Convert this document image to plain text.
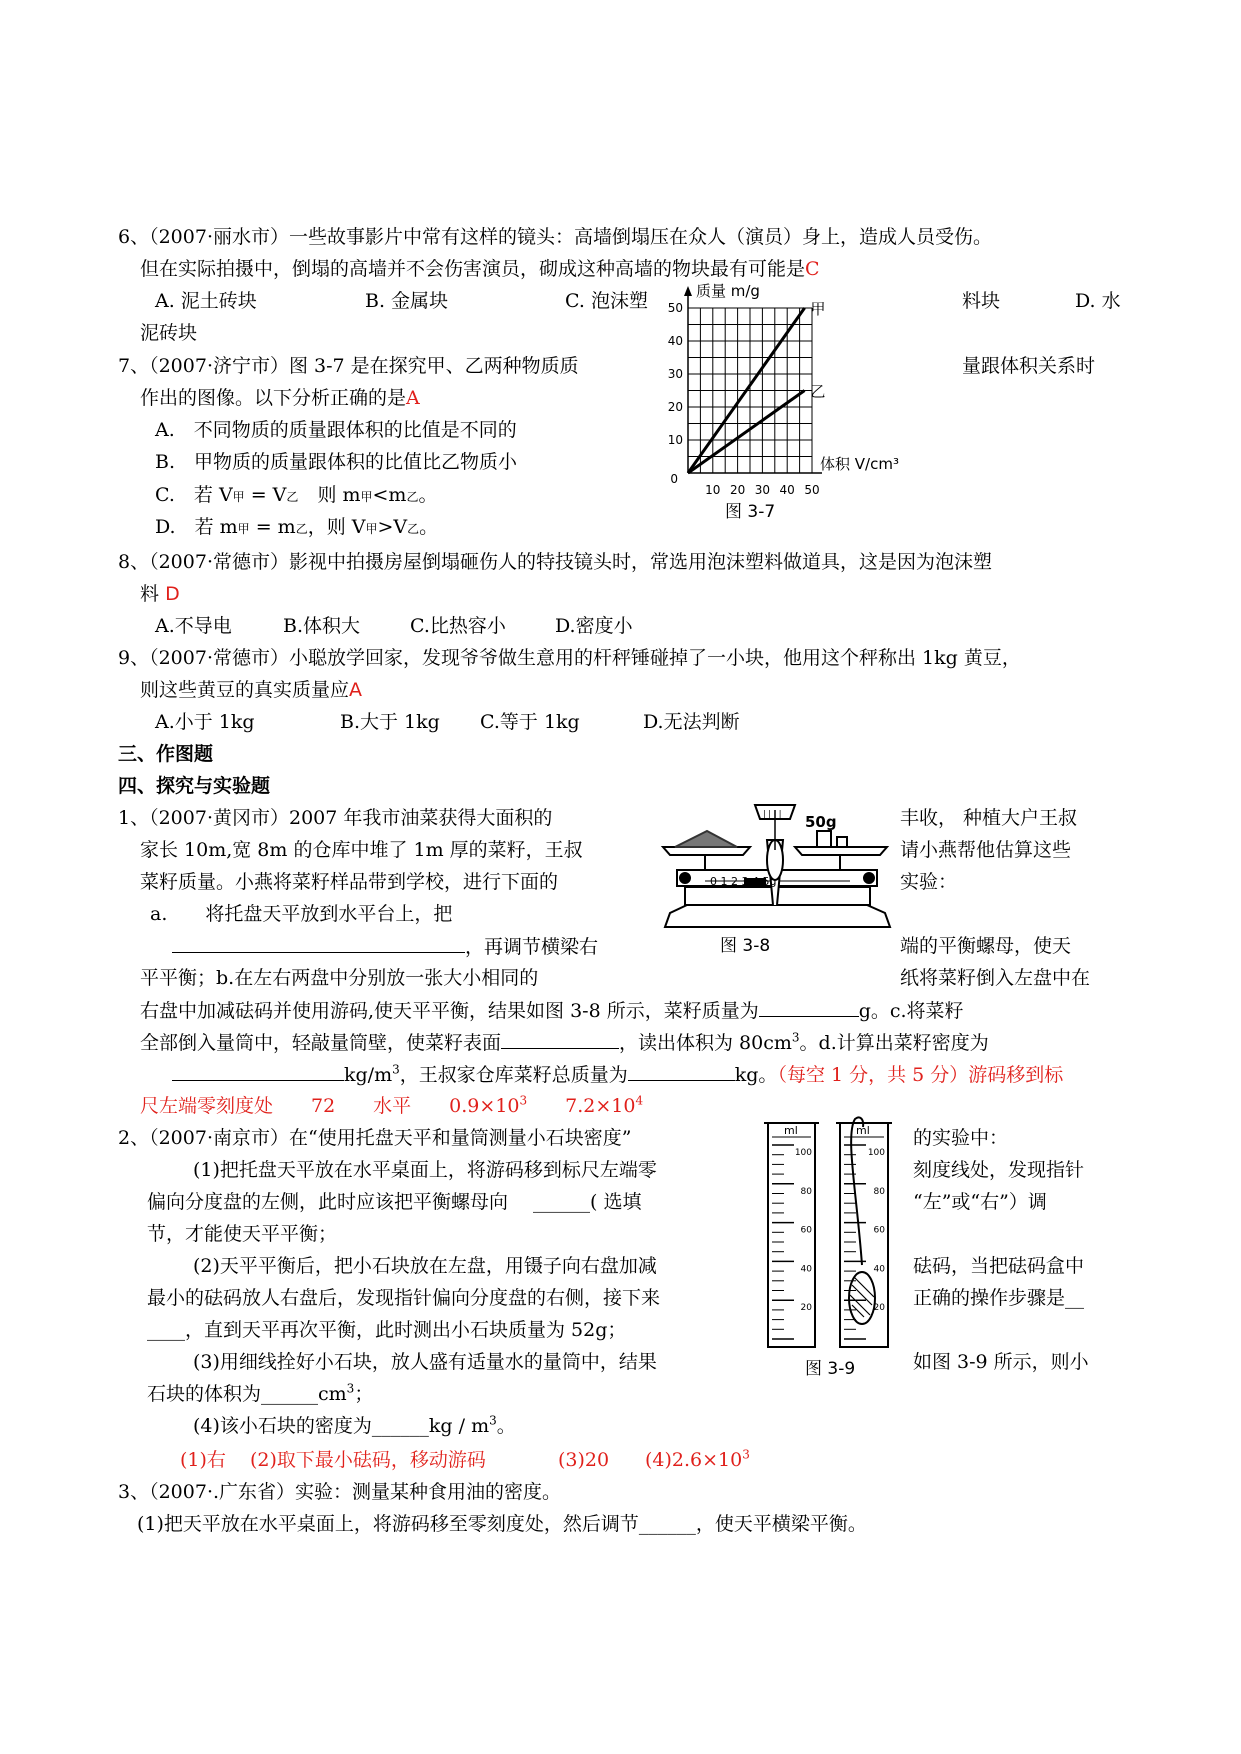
6、（2007·丽水市）一些故事影片中常有这样的镜头：高墙倒塌压在众人（演员）身上，造成人员受伤。
但在实际拍摄中，倒塌的高墙并不会伤害演员，砌成这种高墙的物块最有可能是C
A. 泥土砖块	B. 金属块	C. 泡沫塑	料块	D. 水
泥砖块
7、（2007·济宁市）图 3-7 是在探究甲、乙两种物质质	量跟体积关系时
作出的图像。以下分析正确的是A
A.　不同物质的质量跟体积的比值是不同的
B.　甲物质的质量跟体积的比值比乙物质小
C.　若 V甲 = V乙　则 m甲<m乙。
D.　若 m甲 = m乙，则 V甲>V乙。
10 20 30 40 50
10
20
30
40
50
0
质量 m/g
体积 V/cm³
甲
乙
图 3-7
8、（2007·常德市）影视中拍摄房屋倒塌砸伤人的特技镜头时，常选用泡沫塑料做道具，这是因为泡沫塑
料 D
A.不导电	B.体积大	C.比热容小	D.密度小
9、（2007·常德市）小聪放学回家，发现爷爷做生意用的杆秤锤碰掉了一小块，他用这个秤称出 1kg 黄豆，
则这些黄豆的真实质量应A
A.小于 1kg	B.大于 1kg C.等于 1kg	D.无法判断
三、作图题
四、探究与实验题
1、（2007·黄冈市）2007 年我市油菜获得大面积的	丰收， 种植大户王叔
家长 10m,宽 8m 的仓库中堆了 1m 厚的菜籽，王叔	请小燕帮他估算这些
菜籽质量。小燕将菜籽样品带到学校，进行下面的	实验：
a.　　将托盘天平放到水平台上，把
，再调节横梁右	端的平衡螺母，使天
平平衡；b.在左右两盘中分别放一张大小相同的	纸将菜籽倒入左盘中在
右盘中加减砝码并使用游码,使天平平衡，结果如图 3-8 所示，菜籽质量为	g。c.将菜籽
全部倒入量筒中，轻敲量筒壁，使菜籽表面	，读出体积为 $80cm^3$。d.计算出菜籽密度为
$kg/m^3$，王叔家仓库菜籽总质量为	kg。（每空 1 分，共 5 分）游码移到标
尺左端零刻度处　　72　　水平　　$0.9\times 10^3$　　$7.2\times 10^4$
| | | | 50g
0 1 2 3 4 5g
图 3-8
2、（2007·南京市）在“使用托盘天平和量筒测量小石块密度”	的实验中：
(1)把托盘天平放在水平桌面上，将游码移到标尺左端零	刻度线处，发现指针
偏向分度盘的左侧，此时应该把平衡螺母向　 ______( 选填	“左”或“右”）调
节，才能使天平平衡；
(2)天平平衡后，把小石块放在左盘，用镊子向右盘加减	砝码，当把砝码盒中
最小的砝码放人右盘后，发现指针偏向分度盘的右侧，接下来	正确的操作步骤是__
____，直到天平再次平衡，此时测出小石块质量为 52g；
(3)用细线拴好小石块，放人盛有适量水的量筒中，结果	如图 3-9 所示，则小
石块的体积为$\_\_\_\_\_\_cm^3$；
(4)该小石块的密度为______kg / $m^3$。
(1)右 (2)取下最小砝码，移动游码	(3)20 $(4)2.6\times 10^3$
100
80
60
40
20
100
80
60
40
20
ml	ml
图 3-9
3、（2007·.广东省）实验：测量某种食用油的密度。
(1)把天平放在水平桌面上，将游码移至零刻度处，然后调节______，使天平横梁平衡。
